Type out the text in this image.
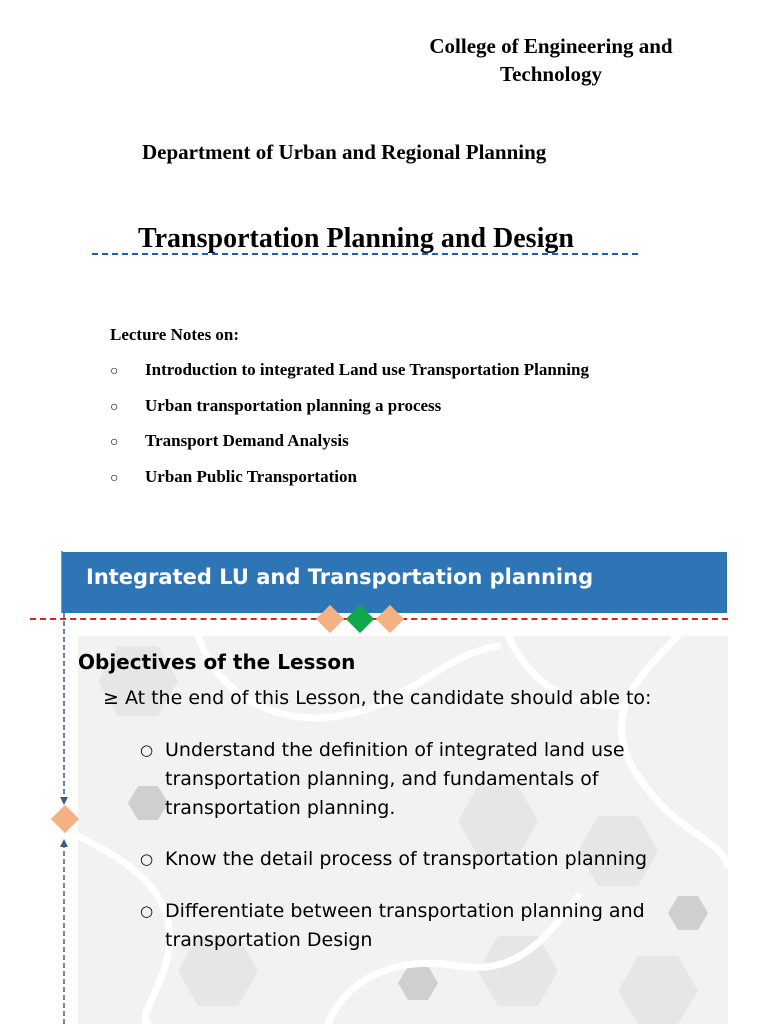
College of Engineering and Technology
Department of Urban and Regional Planning
Transportation Planning and Design
Lecture Notes on:
○ Introduction to integrated Land use Transportation Planning
○ Urban transportation planning a process
○ Transport Demand Analysis
○ Urban Public Transportation
Integrated LU and Transportation planning
Objectives of the Lesson
≥ At the end of this Lesson, the candidate should able to:
○ Understand the definition of integrated land use transportation planning, and fundamentals of transportation planning.
○ Know the detail process of transportation planning
○ Differentiate between transportation planning and transportation Design
